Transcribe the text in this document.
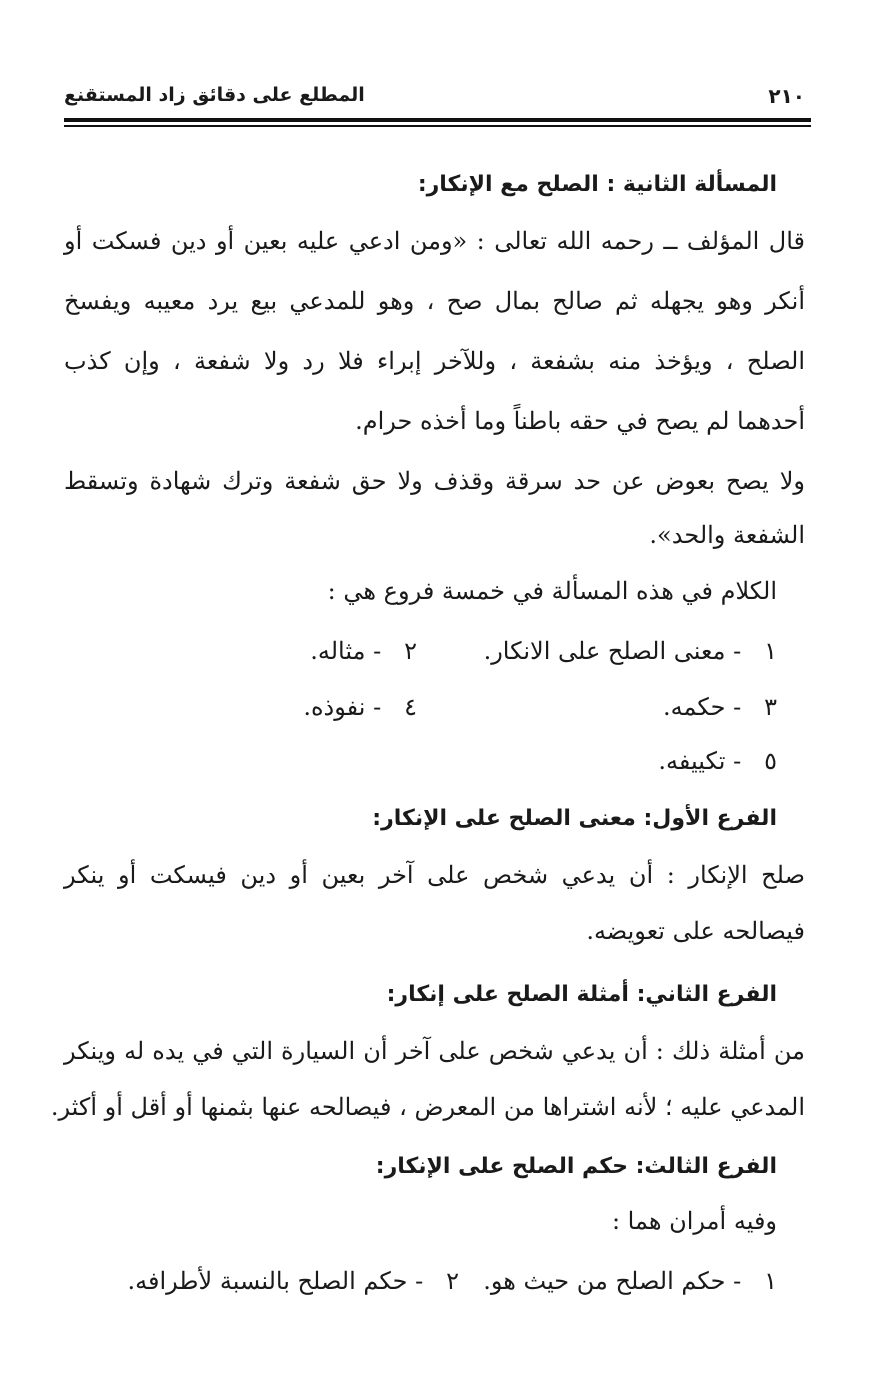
٢١٠
المطلع على دقائق زاد المستقنع
المسألة الثانية : الصلح مع الإنكار:
قال المؤلف ــ رحمه الله تعالى : «ومن ادعي عليه بعين أو دين فسكت أو
أنكر وهو يجهله ثم صالح بمال صح ، وهو للمدعي بيع يرد معيبه ويفسخ
الصلح ، ويؤخذ منه بشفعة ، وللآخر إبراء فلا رد ولا شفعة ، وإن كذب
أحدهما لم يصح في حقه باطناً وما أخذه حرام.
ولا يصح بعوض عن حد سرقة وقذف ولا حق شفعة وترك شهادة وتسقط
الشفعة والحد».
الكلام في هذه المسألة في خمسة فروع هي :
١   - معنى الصلح على الانكار.
٢   - مثاله.
٣   - حكمه.
٤   - نفوذه.
٥   - تكييفه.
الفرع الأول: معنى الصلح على الإنكار:
صلح الإنكار : أن يدعي شخص على آخر بعين أو دين فيسكت أو ينكر
فيصالحه على تعويضه.
الفرع الثاني: أمثلة الصلح على إنكار:
من أمثلة ذلك : أن يدعي شخص على آخر أن السيارة التي في يده له وينكر
المدعي عليه ؛ لأنه اشتراها من المعرض ، فيصالحه عنها بثمنها أو أقل أو أكثر.
الفرع الثالث: حكم الصلح على الإنكار:
وفيه أمران هما :
١   - حكم الصلح من حيث هو.
٢   - حكم الصلح بالنسبة لأطرافه.
